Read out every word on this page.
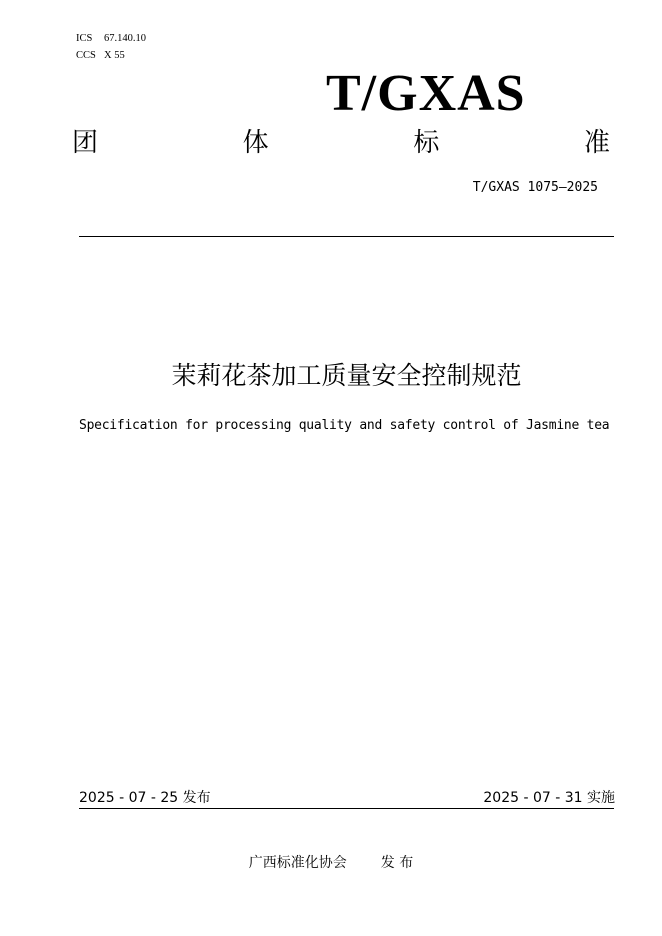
ICS 67.140.10
CCS X 55
T/GXAS
团	体	标	准
T/GXAS 1075—2025
茉莉花茶加工质量安全控制规范
Specification for processing quality and safety control of Jasmine tea
2025 - 07 - 25 发布	2025 - 07 - 31 实施
广西标准化协会 发 布
